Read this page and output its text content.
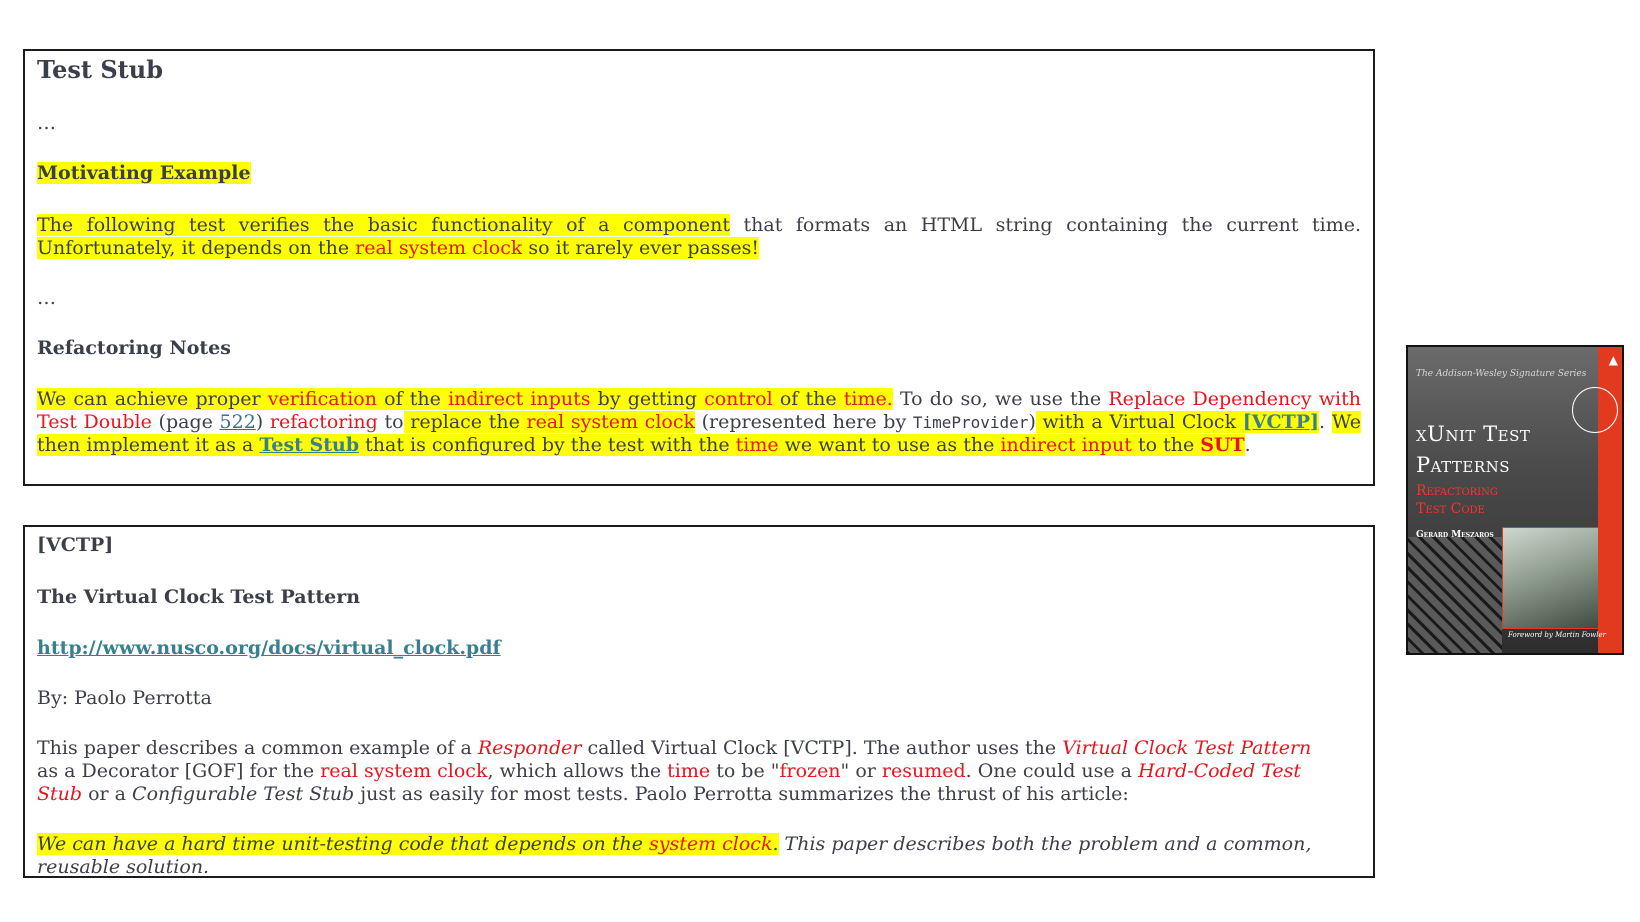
Test Stub
…
Motivating Example
The following test verifies the basic functionality of a component that formats an HTML string containing the current time. Unfortunately, it depends on the real system clock so it rarely ever passes!
…
Refactoring Notes
We can achieve proper verification of the indirect inputs by getting control of the time. To do so, we use the Replace Dependency with Test Double (page 522) refactoring to replace the real system clock (represented here by TimeProvider) with a Virtual Clock [VCTP]. We then implement it as a Test Stub that is configured by the test with the time we want to use as the indirect input to the SUT.
[VCTP]
The Virtual Clock Test Pattern
http://www.nusco.org/docs/virtual_clock.pdf
By: Paolo Perrotta
This paper describes a common example of a Responder called Virtual Clock [VCTP]. The author uses the Virtual Clock Test Pattern as a Decorator [GOF] for the real system clock, which allows the time to be "frozen" or resumed. One could use a Hard-Coded Test Stub or a Configurable Test Stub just as easily for most tests. Paolo Perrotta summarizes the thrust of his article:
We can have a hard time unit-testing code that depends on the system clock. This paper describes both the problem and a common, reusable solution.
▲
The Addison-Wesley Signature Series
xUnit Test
Patterns
Refactoring
Test Code
Gerard Meszaros
Foreword by Martin Fowler
